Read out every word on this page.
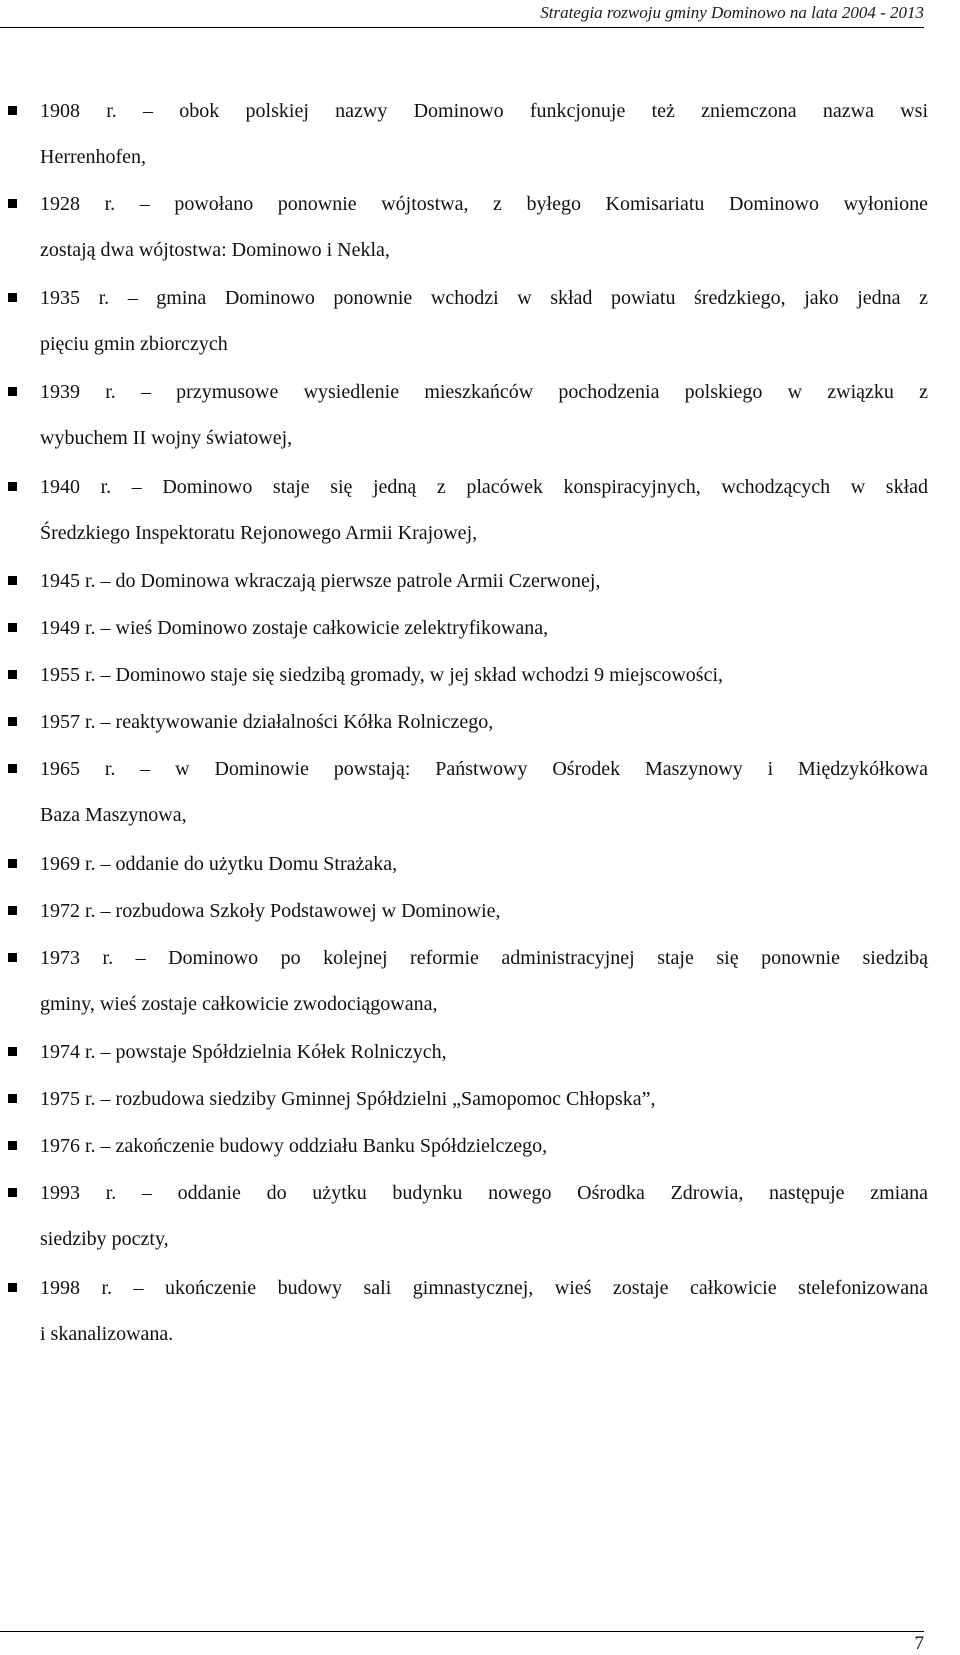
Strategia rozwoju gminy Dominowo na lata 2004 - 2013
1908 r. – obok polskiej nazwy Dominowo funkcjonuje też zniemczona nazwa wsi
Herrenhofen,
1928 r. – powołano ponownie wójtostwa, z byłego Komisariatu Dominowo wyłonione
zostają dwa wójtostwa: Dominowo i Nekla,
1935 r. – gmina Dominowo ponownie wchodzi w skład powiatu średzkiego, jako jedna z
pięciu gmin zbiorczych
1939 r. – przymusowe wysiedlenie mieszkańców pochodzenia polskiego w związku z
wybuchem II wojny światowej,
1940 r. – Dominowo staje się jedną z placówek konspiracyjnych, wchodzących w skład
Średzkiego Inspektoratu Rejonowego Armii Krajowej,
1945 r. – do Dominowa wkraczają pierwsze patrole Armii Czerwonej,
1949 r. – wieś Dominowo zostaje całkowicie zelektryfikowana,
1955 r. – Dominowo staje się siedzibą gromady, w jej skład wchodzi 9 miejscowości,
1957 r. – reaktywowanie działalności Kółka Rolniczego,
1965 r. – w Dominowie powstają: Państwowy Ośrodek Maszynowy i Międzykółkowa
Baza Maszynowa,
1969 r. – oddanie do użytku Domu Strażaka,
1972 r. – rozbudowa Szkoły Podstawowej w Dominowie,
1973 r. – Dominowo po kolejnej reformie administracyjnej staje się ponownie siedzibą
gminy, wieś zostaje całkowicie zwodociągowana,
1974 r. – powstaje Spółdzielnia Kółek Rolniczych,
1975 r. – rozbudowa siedziby Gminnej Spółdzielni „Samopomoc Chłopska”,
1976 r. – zakończenie budowy oddziału Banku Spółdzielczego,
1993 r. – oddanie do użytku budynku nowego Ośrodka Zdrowia, następuje zmiana
siedziby poczty,
1998 r. – ukończenie budowy sali gimnastycznej, wieś zostaje całkowicie stelefonizowana
i skanalizowana.
7
